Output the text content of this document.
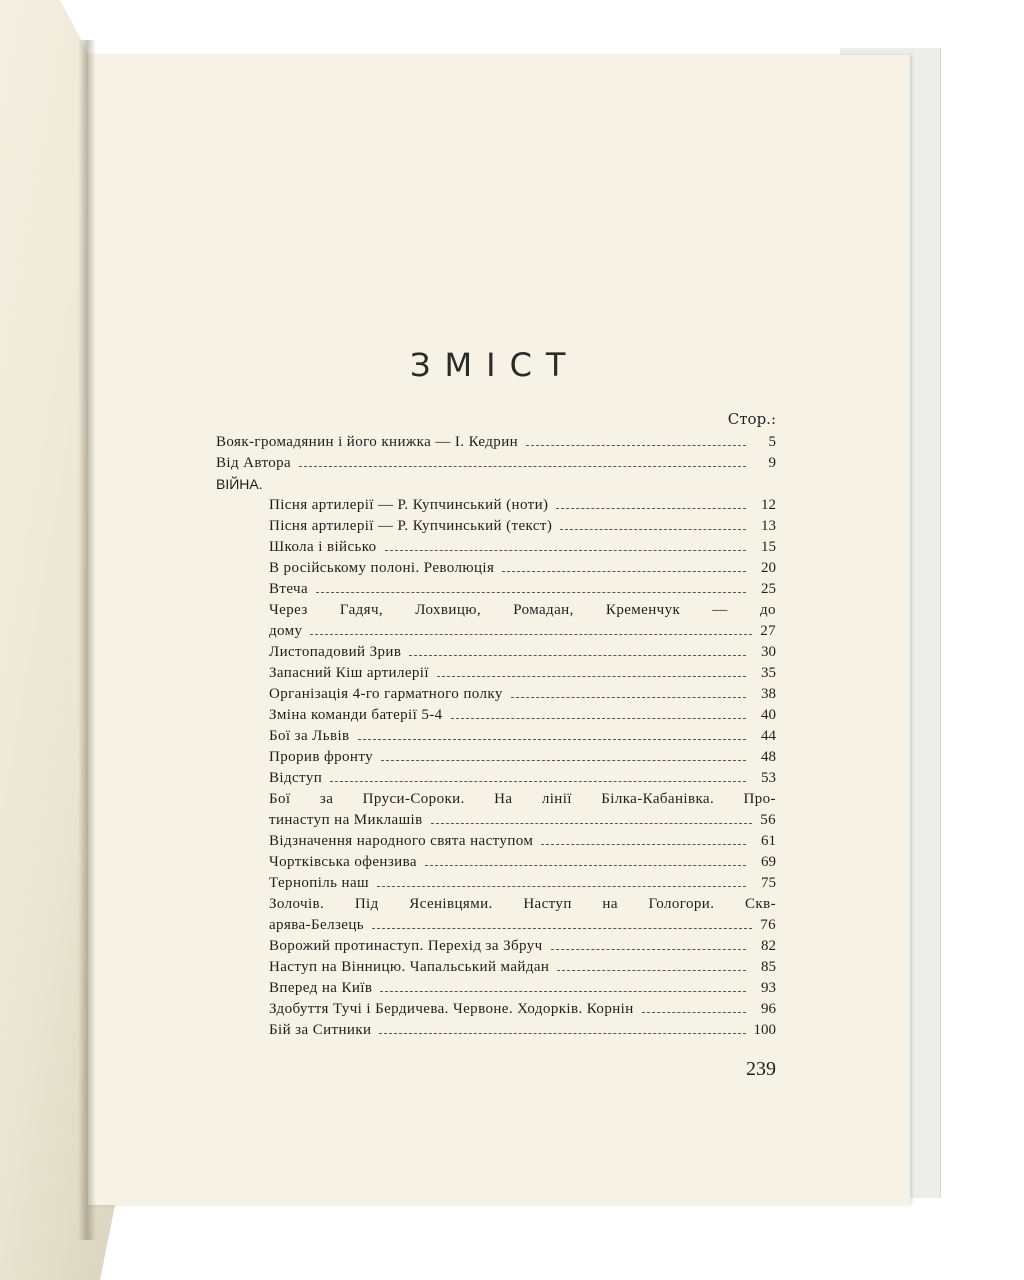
ЗМІСТ
Стор.:
Вояк-громадянин і його книжка — І. Кедрин	5
Від Автора	9
ВІЙНА.
Пісня артилерії — Р. Купчинський (ноти)	12
Пісня артилерії — Р. Купчинський (текст)	13
Школа і військо	15
В російському полоні. Революція	20
Втеча	25
Через Гадяч, Лохвицю, Ромадан, Кременчук — до
дому	27
Листопадовий Зрив	30
Запасний Кіш артилерії	35
Організація 4-го гарматного полку	38
Зміна команди батерії 5-4	40
Бої за Львів	44
Прорив фронту	48
Відступ	53
Бої за Пруси-Сороки. На лінії Білка-Кабанівка. Про-
тинаступ на Миклашів	56
Відзначення народного свята наступом	61
Чортківська офензива	69
Тернопіль наш	75
Золочів. Під Ясенівцями. Наступ на Гологори. Скв-
арява-Белзець	76
Ворожий протинаступ. Перехід за Збруч	82
Наступ на Вінницю. Чапальський майдан	85
Вперед на Київ	93
Здобуття Тучі і Бердичева. Червоне. Ходорків. Корнін	96
Бій за Ситники	100
239
